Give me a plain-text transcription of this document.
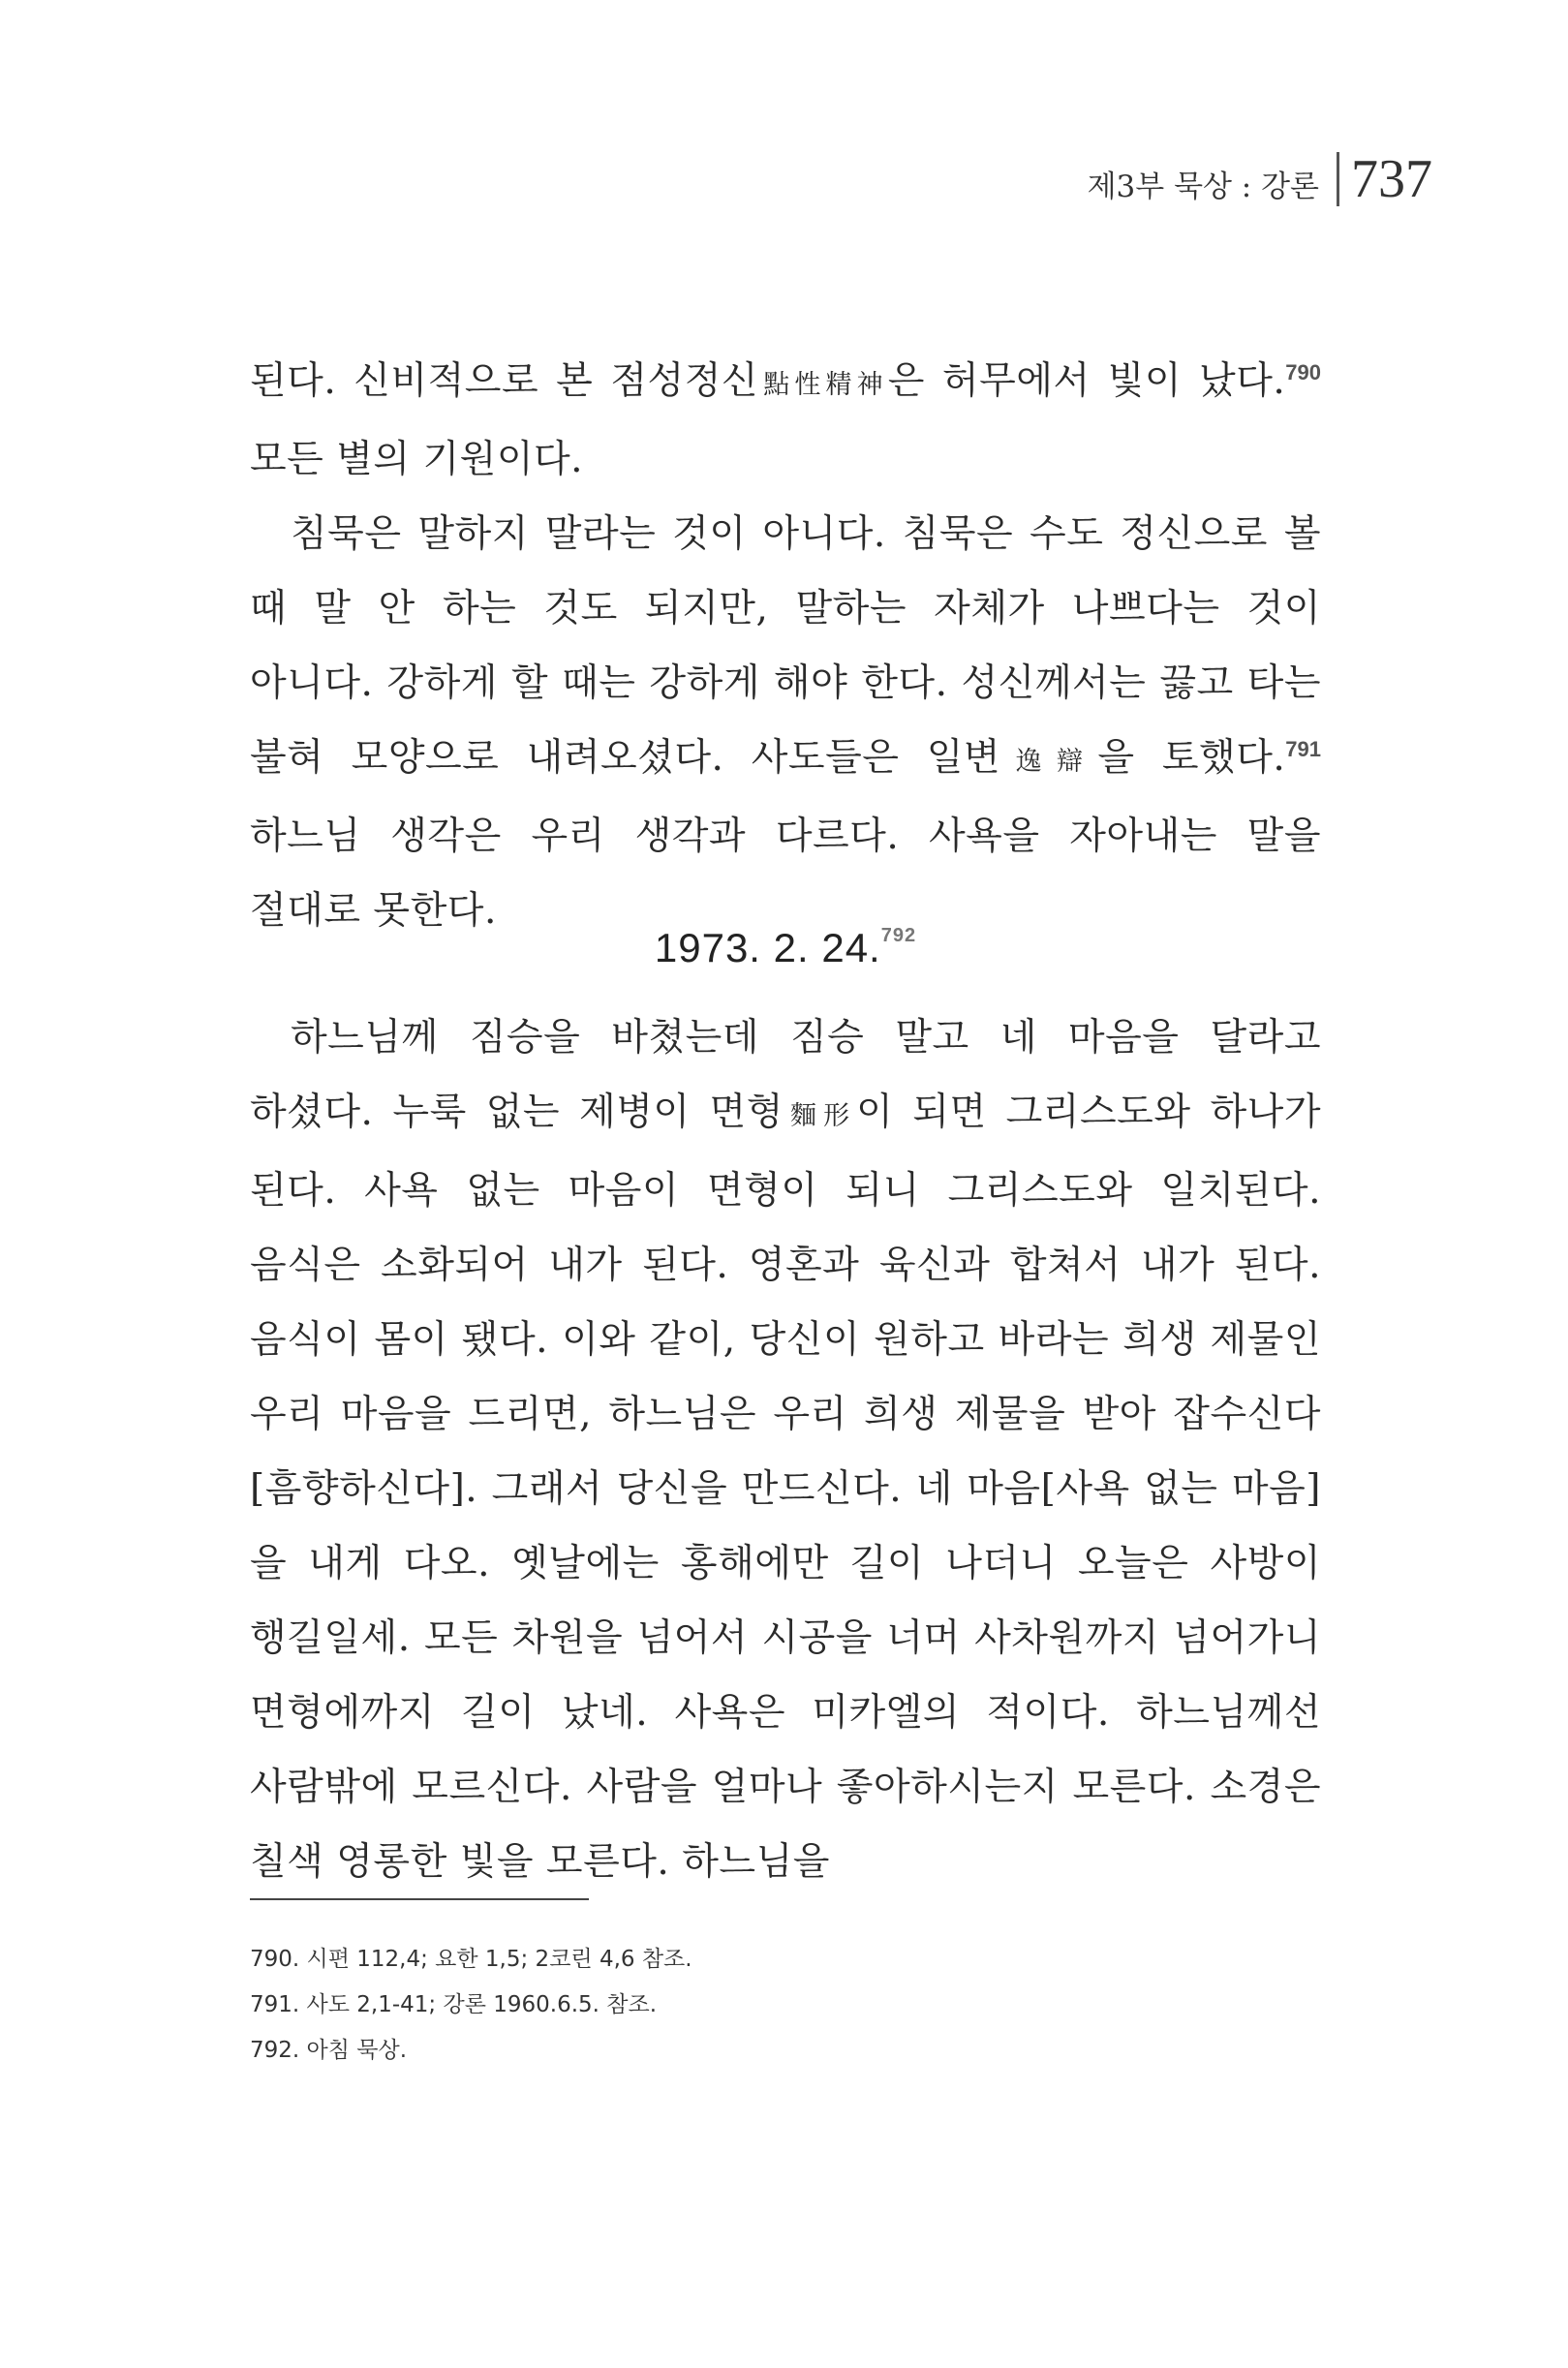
제3부 묵상 : 강론 737

된다. 신비적으로 본 점성정신點性精神은 허무에서 빛이 났다.$^{790}$ 모든 별의 기원이다.

침묵은 말하지 말라는 것이 아니다. 침묵은 수도 정신으로 볼 때 말 안 하는 것도 되지만, 말하는 자체가 나쁘다는 것이 아니다. 강하게 할 때는 강하게 해야 한다. 성신께서는 끓고 타는 불혀 모양으로 내려오셨다. 사도들은 일변逸辯을 토했다.$^{791}$ 하느님 생각은 우리 생각과 다르다. 사욕을 자아내는 말을 절대로 못한다.

1973. 2. 24.$^{792}$

하느님께 짐승을 바쳤는데 짐승 말고 네 마음을 달라고 하셨다. 누룩 없는 제병이 면형麵形이 되면 그리스도와 하나가 된다. 사욕 없는 마음이 면형이 되니 그리스도와 일치된다. 음식은 소화되어 내가 된다. 영혼과 육신과 합쳐서 내가 된다. 음식이 몸이 됐다. 이와 같이, 당신이 원하고 바라는 희생 제물인 우리 마음을 드리면, 하느님은 우리 희생 제물을 받아 잡수신다[흠향하신다]. 그래서 당신을 만드신다. 네 마음[사욕 없는 마음]을 내게 다오. 옛날에는 홍해에만 길이 나더니 오늘은 사방이 행길일세. 모든 차원을 넘어서 시공을 너머 사차원까지 넘어가니 면형에까지 길이 났네. 사욕은 미카엘의 적이다. 하느님께선 사람밖에 모르신다. 사람을 얼마나 좋아하시는지 모른다. 소경은 칠색 영롱한 빛을 모른다. 하느님을

790. 시편 112,4; 요한 1,5; 2코린 4,6 참조.
791. 사도 2,1-41; 강론 1960.6.5. 참조.
792. 아침 묵상.
